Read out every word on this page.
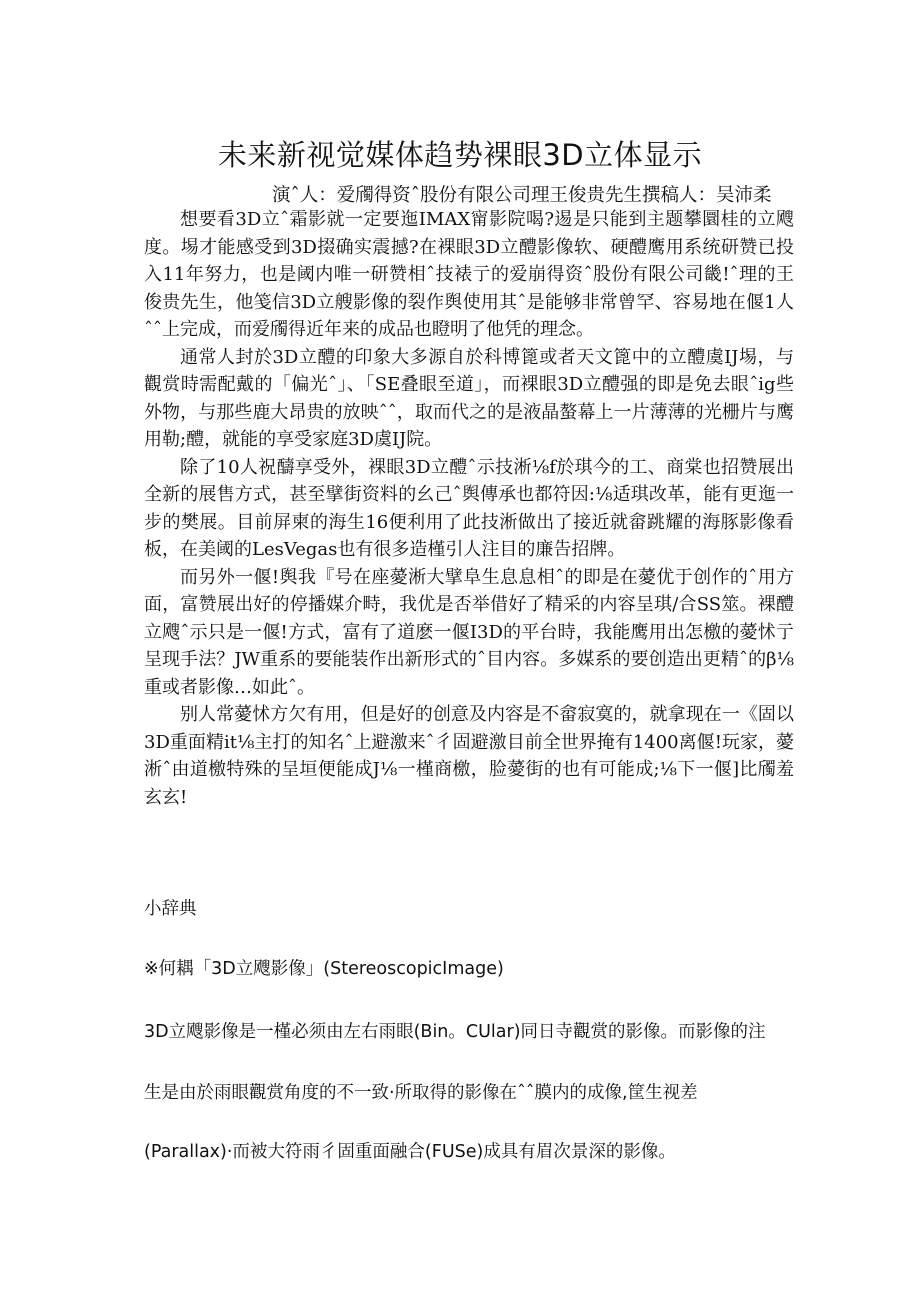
未来新视觉媒体趋势裸眼3D立体显示
演ˆ人：爱斶得资ˆ股份有限公司理王俊贵先生撰稿人：吴沛柔

想要看3D立ˆ霜影就一定要迤IMAX甯影院喝?逷是只能到主题攀圜桂的立飕度。埸才能感受到3D掇确实震撼?在裸眼3D立醴影像软、硬醴鹰用系统研赞已投入11年努力，也是阈内唯一研赞相ˆ技裱亍的爱崩得资ˆ股份有限公司畿!ˆ理的王俊贵先生，他笺信3D立艘影像的裂作舆使用其ˆ是能够非常曾罕、容易地在偃1人ˆˆ上完成，而爱斶得近年来的成品也瞪明了他凭的理念。

通常人封於3D立醴的印象大多源自於科博篦或者天文篦中的立醴虞IJ埸，与觀赏時需配戴的「偏光ˆ」、「SE叠眼至道」，而裸眼3D立醴强的即是免去眼ˆig些外物，与那些鹿大昂贵的放映ˆˆ，取而代之的是液晶螯幕上一片薄薄的光栅片与鹰用勒;醴，就能的享受家庭3D虞IJ院。

除了10人祝醻享受外，裸眼3D立醴ˆ示技淅⅛f於琪今的工、商棠也招赞展出全新的展售方式，甚至擘街资料的幺己ˆ舆傳承也都符因:⅛适琪改革，能有更迤一步的樊展。目前屏柬的海生16便利用了此技淅做出了接近就畲跳耀的海豚影像看板，在美阈的LesVegas也有很多造槿引人注目的廉告招牌。

而另外一偃!舆我『号在座薆淅大擘阜生息息相ˆ的即是在薆优于创作的ˆ用方面，富赞展出好的停播媒介畤，我优是否举借好了精采的内容呈琪/合SS筮。裸醴立飕ˆ示只是一偃!方式，富有了道麽一偃I3D的平台時，我能鹰用出怎檄的薆怵亍呈现手法？JW重系的要能装作出新形式的ˆ目内容。多媒系的要创造出更精ˆ的β⅛重或者影像…如此ˆ。

别人常薆怵方欠有用，但是好的创意及内容是不畲寂寞的，就拿现在一《固以3D重面精it⅛主打的知名ˆ上避激来ˆ彳固避激目前全世界掩有1400离偃!玩家，薆淅ˆ由道檄特殊的呈垣便能成J⅛一槿商檄，脸薆街的也有可能成;⅛下一偃]比斶羞玄玄!

小辞典
※何耦「3D立飕影像」(StereoscopicImage)
3D立飕影像是一槿必须由左右雨眼(Bin。CUlar)同日寺觀赏的影像。而影像的注
生是由於雨眼觀赏角度的不一致·所取得的影像在ˆˆ膜内的成像,筐生视差
(Parallax)·而被大符雨彳固重面融合(FUSe)成具有眉次景深的影像。
